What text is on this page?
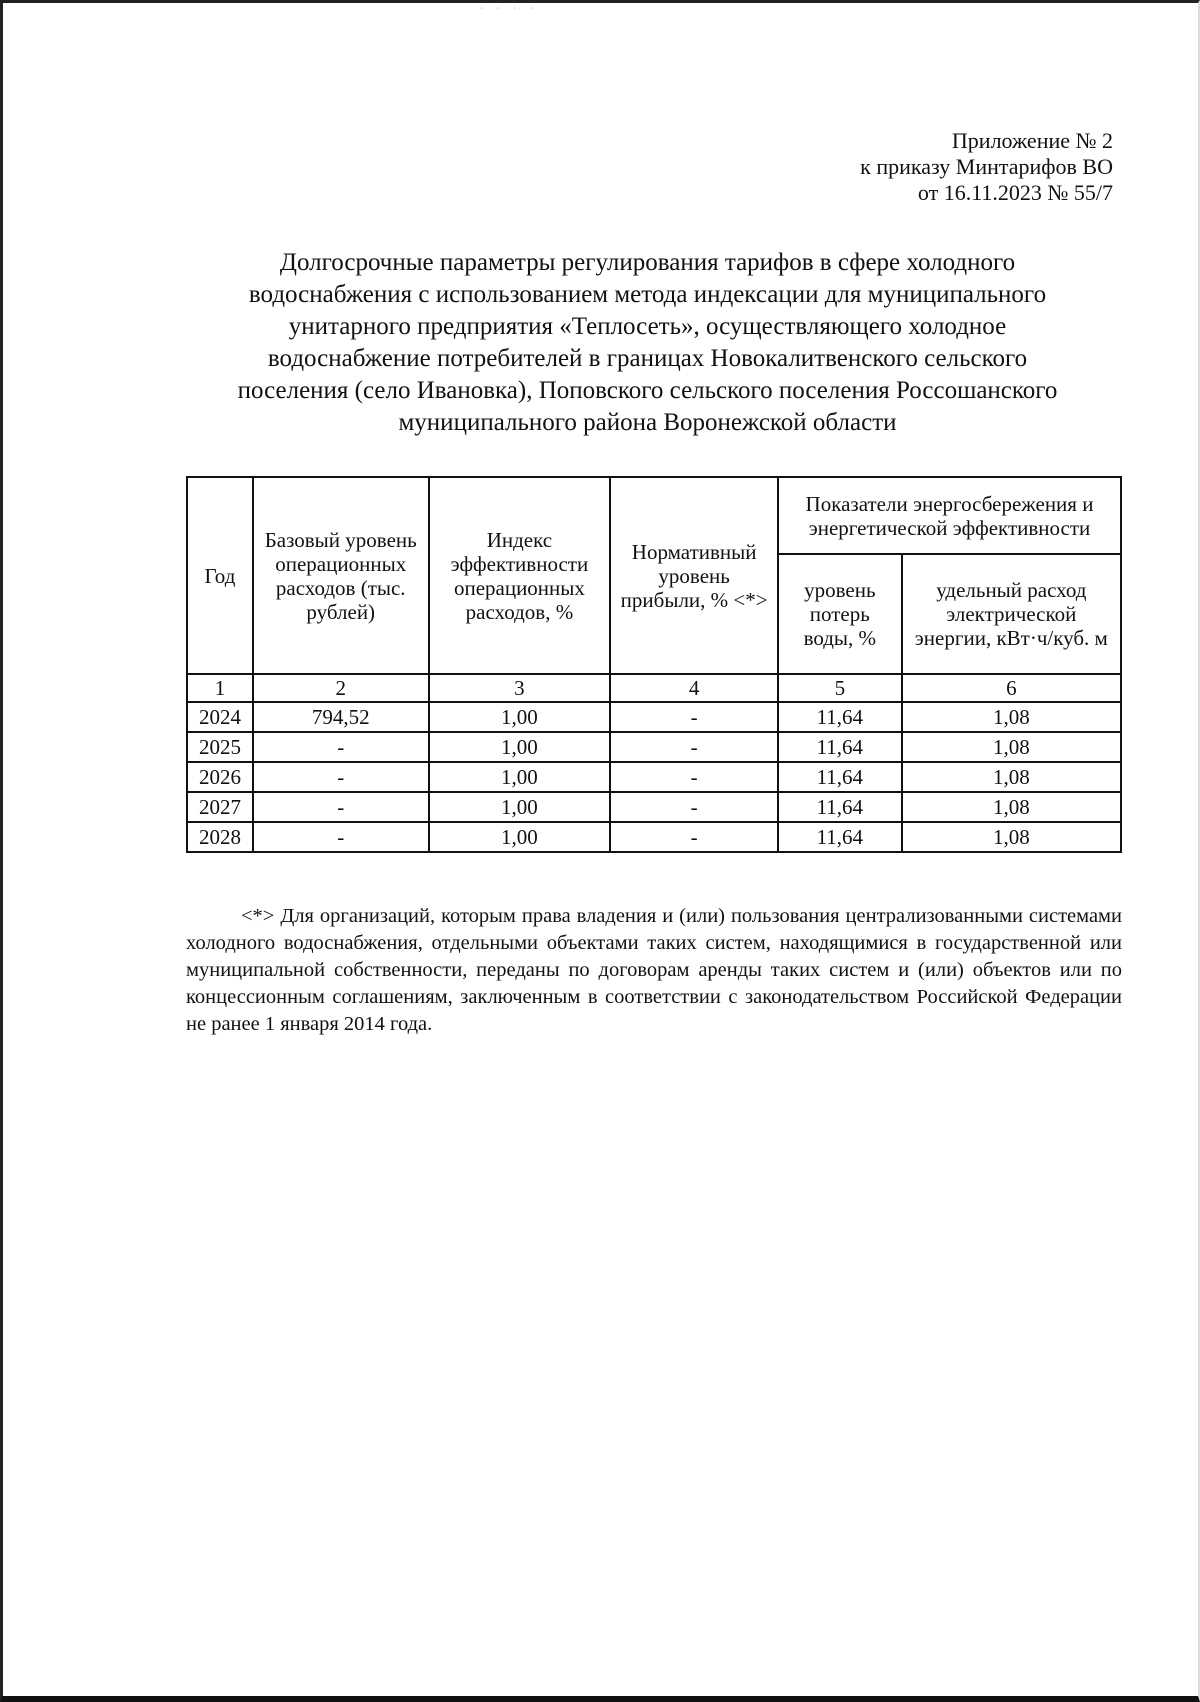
· · · ·
Приложение № 2
к приказу Минтарифов ВО
от 16.11.2023 № 55/7
Долгосрочные параметры регулирования тарифов в сфере холодного
водоснабжения с использованием метода индексации для муниципального
унитарного предприятия «Теплосеть», осуществляющего холодное
водоснабжение потребителей в границах Новокалитвенского сельского
поселения (село Ивановка), Поповского сельского поселения Россошанского
муниципального района Воронежской области
Год	Базовый уровень операционных расходов (тыс. рублей)	Индекс эффективности операционных расходов, %	Нормативный уровень прибыли, % <*>	Показатели энергосбережения и энергетической эффективности	
				уровень потерь воды, %	удельный расход электрической энергии, кВт·ч/куб. м
1	2	3	4	5	6
2024	794,52	1,00	-	11,64	1,08
2025	-	1,00	-	11,64	1,08
2026	-	1,00	-	11,64	1,08
2027	-	1,00	-	11,64	1,08
2028	-	1,00	-	11,64	1,08

<*> Для организаций, которым права владения и (или) пользования централизованными системами холодного водоснабжения, отдельными объектами таких систем, находящимися в государственной или муниципальной собственности, переданы по договорам аренды таких систем и (или) объектов или по концессионным соглашениям, заключенным в соответствии с законодательством Российской Федерации не ранее 1 января 2014 года.
